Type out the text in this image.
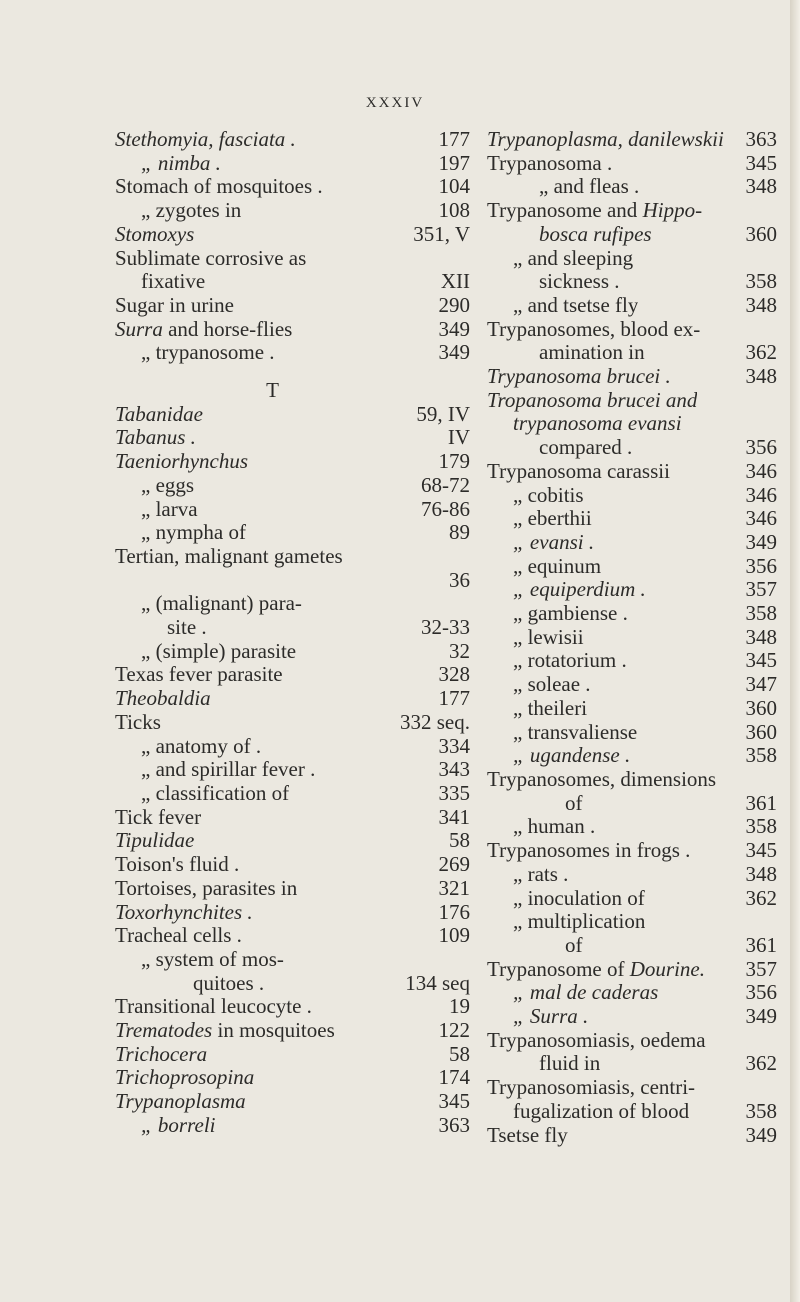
XXXIV
Stethomyia, fasciata .	177
„ nimba .	197
Stomach of mosquitoes .	104
„ zygotes in	108
Stomoxys	351, V
Sublimate corrosive as
fixative	XII
Sugar in urine	290
Surra and horse-flies	349
„ trypanosome .	349
T
Tabanidae	59, IV
Tabanus .	IV
Taeniorhynchus	179
„ eggs	68-72
„ larva	76-86
„ nympha of	89
Tertian, malignant gametes
36
„ (malignant) para-
site .	32-33
„ (simple) parasite	32
Texas fever parasite	328
Theobaldia	177
Ticks	332 seq.
„ anatomy of .	334
„ and spirillar fever .	343
„ classification of	335
Tick fever	341
Tipulidae	58
Toison's fluid .	269
Tortoises, parasites in	321
Toxorhynchites .	176
Tracheal cells .	109
„ system of mos-
quitoes .	134 seq
Transitional leucocyte .	19
Trematodes in mosquitoes	122
Trichocera	58
Trichoprosopina	174
Trypanoplasma	345
„ borreli	363
Trypanoplasma, danilewskii 363
Trypanosoma .	345
„ and fleas .	348
Trypanosome and Hippo-
bosca rufipes	360
„ and sleeping
sickness .	358
„ and tsetse fly	348
Trypanosomes, blood ex-
amination in	362
Trypanosoma brucei .	348
Tropanosoma brucei and
trypanosoma evansi
compared .	356
Trypanosoma carassii	346
„ cobitis	346
„ eberthii	346
„ evansi .	349
„ equinum	356
„ equiperdium .	357
„ gambiense .	358
„ lewisii	348
„ rotatorium .	345
„ soleae .	347
„ theileri	360
„ transvaliense	360
„ ugandense .	358
Trypanosomes, dimensions
of	361
„ human .	358
Trypanosomes in frogs .	345
„ rats .	348
„ inoculation of	362
„ multiplication
of	361
Trypanosome of Dourine. 357
„ mal de caderas	356
„ Surra .	349
Trypanosomiasis, oedema
fluid in	362
Trypanosomiasis, centri-
fugalization of blood	358
Tsetse fly	349
